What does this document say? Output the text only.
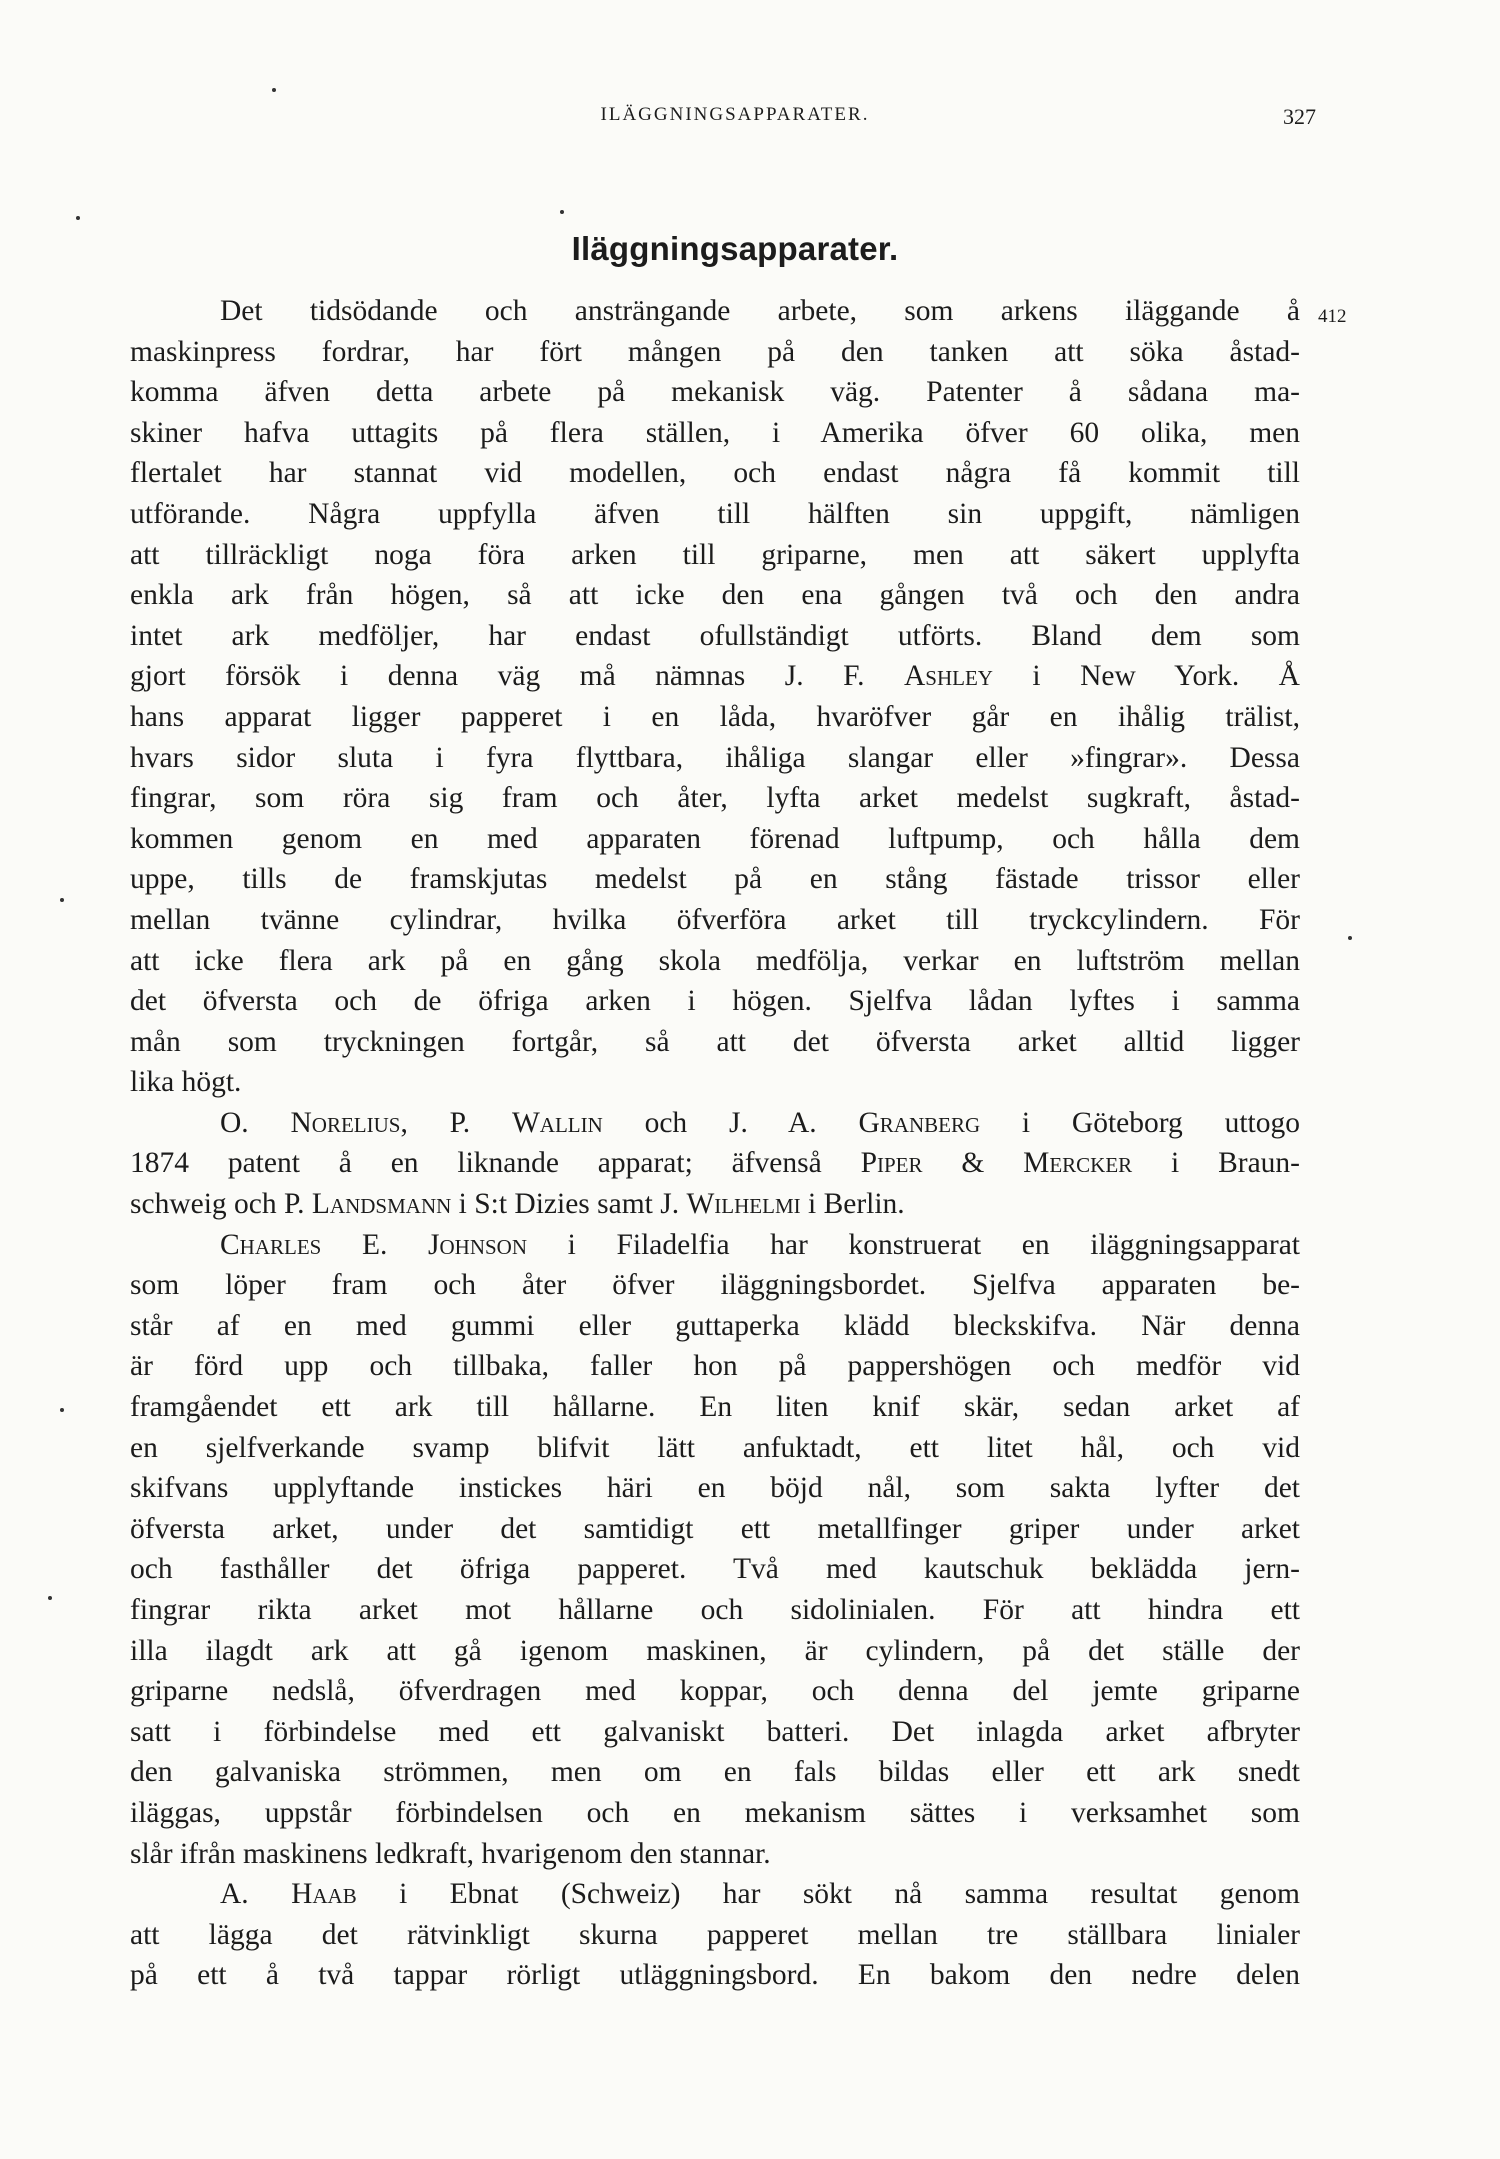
ILÄGGNINGSAPPARATER.	327
Iläggningsapparater.
412
Det tidsödande och ansträngande arbete, som arkens iläggande å
maskinpress fordrar, har fört mången på den tanken att söka åstad-
komma äfven detta arbete på mekanisk väg. Patenter å sådana ma-
skiner hafva uttagits på flera ställen, i Amerika öfver 60 olika, men
flertalet har stannat vid modellen, och endast några få kommit till
utförande. Några uppfylla äfven till hälften sin uppgift, nämligen
att tillräckligt noga föra arken till griparne, men att säkert upplyfta
enkla ark från högen, så att icke den ena gången två och den andra
intet ark medföljer, har endast ofullständigt utförts. Bland dem som
gjort försök i denna väg må nämnas J. F. Ashley i New York. Å
hans apparat ligger papperet i en låda, hvaröfver går en ihålig trälist,
hvars sidor sluta i fyra flyttbara, ihåliga slangar eller »fingrar». Dessa
fingrar, som röra sig fram och åter, lyfta arket medelst sugkraft, åstad-
kommen genom en med apparaten förenad luftpump, och hålla dem
uppe, tills de framskjutas medelst på en stång fästade trissor eller
mellan tvänne cylindrar, hvilka öfverföra arket till tryckcylindern. För
att icke flera ark på en gång skola medfölja, verkar en luftström mellan
det öfversta och de öfriga arken i högen. Sjelfva lådan lyftes i samma
mån som tryckningen fortgår, så att det öfversta arket alltid ligger
lika högt.
O. Norelius, P. Wallin och J. A. Granberg i Göteborg uttogo
1874 patent å en liknande apparat; äfvenså Piper & Mercker i Braun-
schweig och P. Landsmann i S:t Dizies samt J. Wilhelmi i Berlin.
Charles E. Johnson i Filadelfia har konstruerat en iläggningsapparat
som löper fram och åter öfver iläggningsbordet. Sjelfva apparaten be-
står af en med gummi eller guttaperka klädd bleckskifva. När denna
är förd upp och tillbaka, faller hon på pappershögen och medför vid
framgåendet ett ark till hållarne. En liten knif skär, sedan arket af
en sjelfverkande svamp blifvit lätt anfuktadt, ett litet hål, och vid
skifvans upplyftande instickes häri en böjd nål, som sakta lyfter det
öfversta arket, under det samtidigt ett metallfinger griper under arket
och fasthåller det öfriga papperet. Två med kautschuk beklädda jern-
fingrar rikta arket mot hållarne och sidolinialen. För att hindra ett
illa ilagdt ark att gå igenom maskinen, är cylindern, på det ställe der
griparne nedslå, öfverdragen med koppar, och denna del jemte griparne
satt i förbindelse med ett galvaniskt batteri. Det inlagda arket afbryter
den galvaniska strömmen, men om en fals bildas eller ett ark snedt
iläggas, uppstår förbindelsen och en mekanism sättes i verksamhet som
slår ifrån maskinens ledkraft, hvarigenom den stannar.
A. Haab i Ebnat (Schweiz) har sökt nå samma resultat genom
att lägga det rätvinkligt skurna papperet mellan tre ställbara linialer
på ett å två tappar rörligt utläggningsbord. En bakom den nedre delen
